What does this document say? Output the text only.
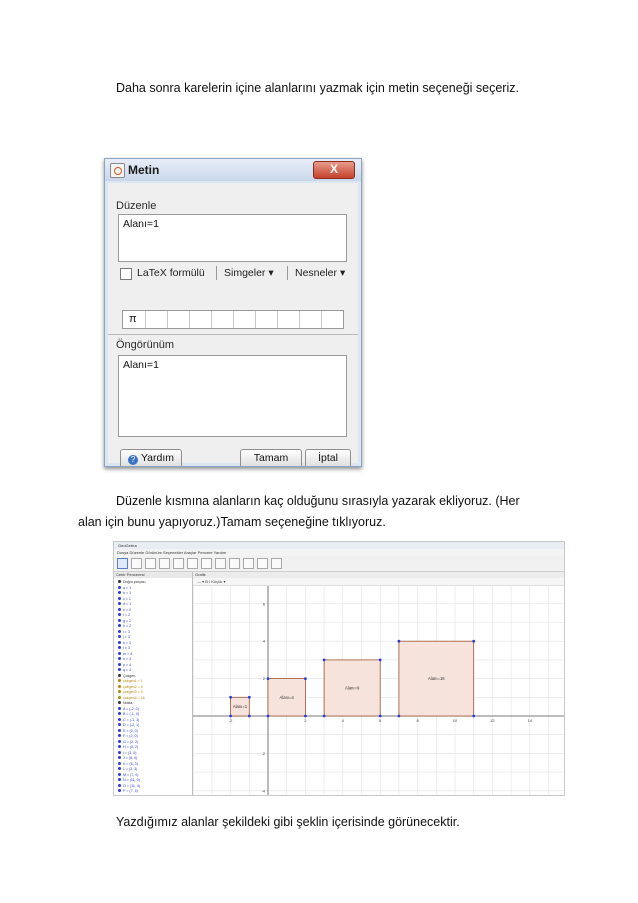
Daha sonra karelerin içine alanlarını yazmak için metin seçeneği seçeriz.
Metin	X
Düzenle
Alanı=1
LaTeX formülü Simgeler ▾ Nesneler ▾
π
Öngörünüm
Alanı=1
? Yardım	Tamam	İptal
Düzenle kısmına alanların kaç olduğunu sırasıyla yazarak ekliyoruz. (Her
alan için bunu yapıyoruz.)Tamam seçeneğine tıklıyoruz.
GeoGebra
Dosya Düzenle Görünüm Seçenekler Araçlar Pencere Yardım
Cebir Penceresi
Doğru parçası
a = 1
b = 1
c = 1
d = 1
e = 2
f = 2
g = 2
h = 2
i = 3
j = 3
k = 3
l = 3
m = 4
n = 4
p = 4
q = 4
Çokgen
çokgen1 = 1
çokgen2 = 4
çokgen3 = 9
çokgen4 = 16
Nokta
A = (-2, 0)
B = (-1, 0)
C = (-1, 1)
D = (-2, 1)
E = (0, 0)
F = (2, 0)
G = (2, 2)
H = (0, 2)
I = (3, 0)
J = (6, 0)
K = (6, 3)
L = (3, 3)
M = (7, 0)
N = (11, 0)
O = (11, 4)
P = (7, 4)
Grafik
— ▾ B I Küçük ▾
-2	2	4	6	8	10	12	14
-4
-2
2
4
6
Alanı=1
Alanı=4
Alanı=9
Alanı=16
Yazdığımız alanlar şekildeki gibi şeklin içerisinde görünecektir.
